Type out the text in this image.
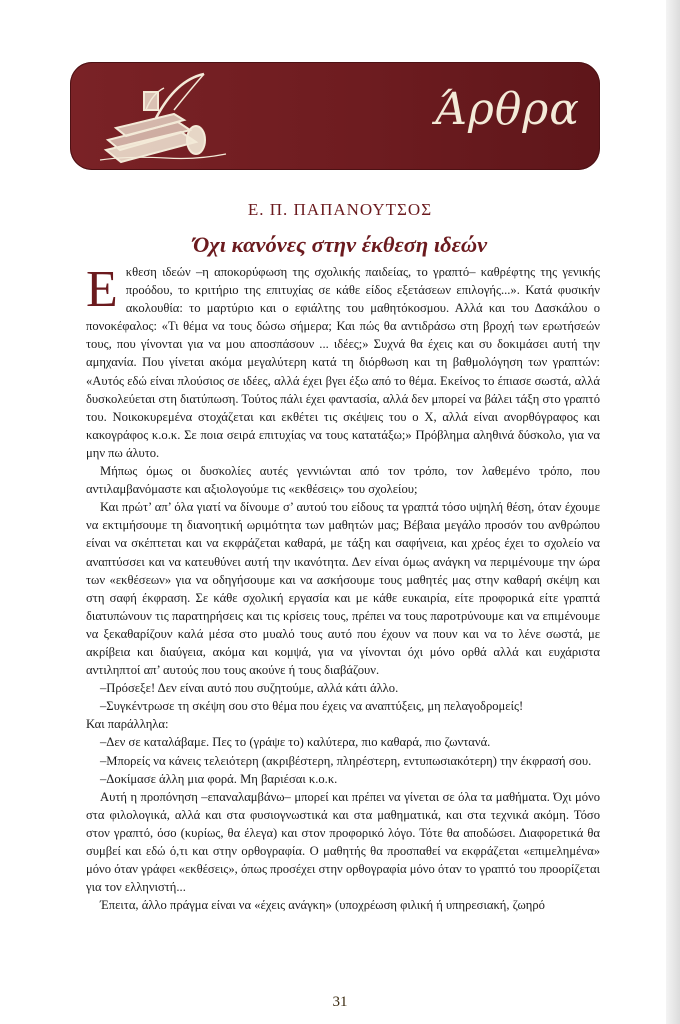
Άρθρα
Ε. Π. ΠΑΠΑΝΟΥΤΣΟΣ
Όχι κανόνες στην έκθεση ιδεών

Εκθεση ιδεών –η αποκορύφωση της σχολικής παιδείας, το γραπτό– καθρέφτης της γενικής προόδου, το κριτήριο της επιτυχίας σε κάθε είδος εξετάσεων επιλογής...». Κατά φυσικήν ακολουθία: το μαρτύριο και ο εφιάλτης του μαθητόκοσμου. Αλλά και του Δασκάλου ο πονοκέφαλος: «Τι θέμα να τους δώσω σήμερα; Και πώς θα αντιδράσω στη βροχή των ερωτήσεών τους, που γίνονται για να μου αποσπάσουν ... ιδέες;» Συχνά θα έχεις και συ δοκιμάσει αυτή την αμηχανία. Που γίνεται ακόμα μεγαλύτερη κατά τη διόρθωση και τη βαθμολόγηση των γραπτών: «Αυτός εδώ είναι πλούσιος σε ιδέες, αλλά έχει βγει έξω από το θέμα. Εκείνος το έπιασε σωστά, αλλά δυσκολεύεται στη διατύπωση. Τούτος πάλι έχει φαντασία, αλλά δεν μπορεί να βάλει τάξη στο γραπτό του. Νοικοκυρεμένα στοχάζεται και εκθέτει τις σκέψεις του ο Χ, αλλά είναι ανορθόγραφος και κακογράφος κ.ο.κ. Σε ποια σειρά επιτυχίας να τους κατατάξω;» Πρόβλημα αληθινά δύσκολο, για να μην πω άλυτο.

Μήπως όμως οι δυσκολίες αυτές γεννιώνται από τον τρόπο, τον λαθεμένο τρόπο, που αντιλαμβανόμαστε και αξιολογούμε τις «εκθέσεις» του σχολείου;

Και πρώτ’ απ’ όλα γιατί να δίνουμε σ’ αυτού του είδους τα γραπτά τόσο υψηλή θέση, όταν έχουμε να εκτιμήσουμε τη διανοητική ωριμότητα των μαθητών μας; Βέβαια μεγάλο προσόν του ανθρώπου είναι να σκέπτεται και να εκφράζεται καθαρά, με τάξη και σαφήνεια, και χρέος έχει το σχολείο να αναπτύσσει και να κατευθύνει αυτή την ικανότητα. Δεν είναι όμως ανάγκη να περιμένουμε την ώρα των «εκθέσεων» για να οδηγήσουμε και να ασκήσουμε τους μαθητές μας στην καθαρή σκέψη και στη σαφή έκφραση. Σε κάθε σχολική εργασία και με κάθε ευκαιρία, είτε προφορικά είτε γραπτά διατυπώνουν τις παρατηρήσεις και τις κρίσεις τους, πρέπει να τους παροτρύνουμε και να επιμένουμε να ξεκαθαρίζουν καλά μέσα στο μυαλό τους αυτό που έχουν να πουν και να το λένε σωστά, με ακρίβεια και διαύγεια, ακόμα και κομψά, για να γίνονται όχι μόνο ορθά αλλά και ευχάριστα αντιληπτοί απ’ αυτούς που τους ακούνε ή τους διαβάζουν.

–Πρόσεξε! Δεν είναι αυτό που συζητούμε, αλλά κάτι άλλο.

–Συγκέντρωσε τη σκέψη σου στο θέμα που έχεις να αναπτύξεις, μη πελαγοδρομείς!

Και παράλληλα:

–Δεν σε καταλάβαμε. Πες το (γράψε το) καλύτερα, πιο καθαρά, πιο ζωντανά.

–Μπορείς να κάνεις τελειότερη (ακριβέστερη, πληρέστερη, εντυπωσιακότερη) την έκφρασή σου.

–Δοκίμασε άλλη μια φορά. Μη βαριέσαι κ.ο.κ.

Αυτή η προπόνηση –επαναλαμβάνω– μπορεί και πρέπει να γίνεται σε όλα τα μαθήματα. Όχι μόνο στα φιλολογικά, αλλά και στα φυσιογνωστικά και στα μαθηματικά, και στα τεχνικά ακόμη. Τόσο στον γραπτό, όσο (κυρίως, θα έλεγα) και στον προφορικό λόγο. Τότε θα αποδώσει. Διαφορετικά θα συμβεί και εδώ ό,τι και στην ορθογραφία. Ο μαθητής θα προσπαθεί να εκφράζεται «επιμελημένα» μόνο όταν γράφει «εκθέσεις», όπως προσέχει στην ορθογραφία μόνο όταν το γραπτό του προορίζεται για τον ελληνιστή...

Έπειτα, άλλο πράγμα είναι να «έχεις ανάγκη» (υποχρέωση φιλική ή υπηρεσιακή, ζωηρό

31
